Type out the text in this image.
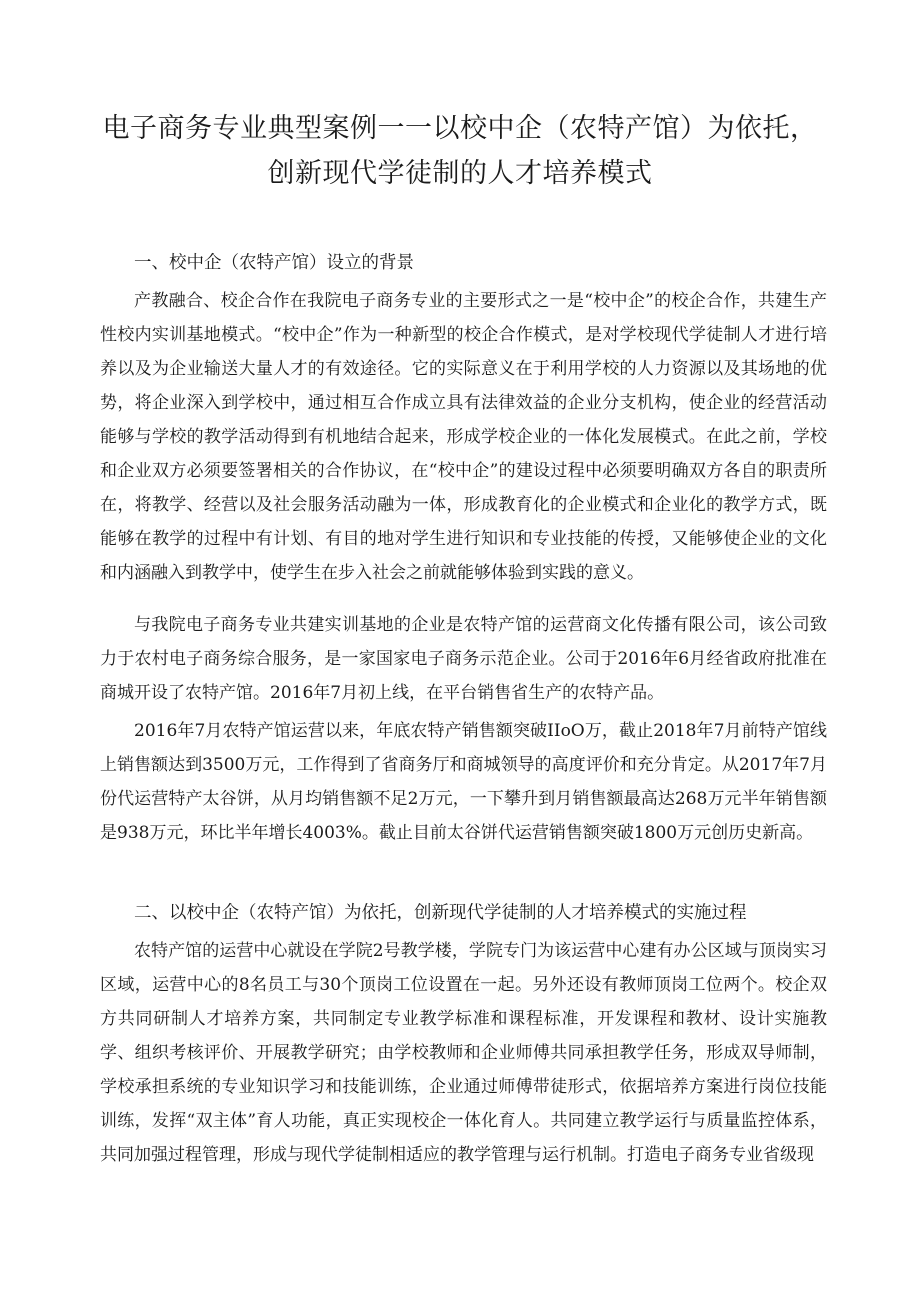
电子商务专业典型案例一一以校中企（农特产馆）为依托，
创新现代学徒制的人才培养模式

一、校中企（农特产馆）设立的背景

产教融合、校企合作在我院电子商务专业的主要形式之一是“校中企”的校企合作，共建生产性校内实训基地模式。“校中企”作为一种新型的校企合作模式，是对学校现代学徒制人才进行培养以及为企业输送大量人才的有效途径。它的实际意义在于利用学校的人力资源以及其场地的优势，将企业深入到学校中，通过相互合作成立具有法律效益的企业分支机构，使企业的经营活动能够与学校的教学活动得到有机地结合起来，形成学校企业的一体化发展模式。在此之前，学校和企业双方必须要签署相关的合作协议，在“校中企”的建设过程中必须要明确双方各自的职责所在，将教学、经营以及社会服务活动融为一体，形成教育化的企业模式和企业化的教学方式，既能够在教学的过程中有计划、有目的地对学生进行知识和专业技能的传授，又能够使企业的文化和内涵融入到教学中，使学生在步入社会之前就能够体验到实践的意义。

与我院电子商务专业共建实训基地的企业是农特产馆的运营商文化传播有限公司，该公司致力于农村电子商务综合服务，是一家国家电子商务示范企业。公司于2016年6月经省政府批准在商城开设了农特产馆。2016年7月初上线，在平台销售省生产的农特产品。

2016年7月农特产馆运营以来，年底农特产销售额突破IIoO万，截止2018年7月前特产馆线上销售额达到3500万元，工作得到了省商务厅和商城领导的高度评价和充分肯定。从2017年7月份代运营特产太谷饼，从月均销售额不足2万元，一下攀升到月销售额最高达268万元半年销售额是938万元，环比半年增长4003%。截止目前太谷饼代运营销售额突破1800万元创历史新高。

二、以校中企（农特产馆）为依托，创新现代学徒制的人才培养模式的实施过程

农特产馆的运营中心就设在学院2号教学楼，学院专门为该运营中心建有办公区域与顶岗实习区域，运营中心的8名员工与30个顶岗工位设置在一起。另外还设有教师顶岗工位两个。校企双方共同研制人才培养方案，共同制定专业教学标准和课程标准，开发课程和教材、设计实施教学、组织考核评价、开展教学研究；由学校教师和企业师傅共同承担教学任务，形成双导师制，学校承担系统的专业知识学习和技能训练，企业通过师傅带徒形式，依据培养方案进行岗位技能训练，发挥“双主体”育人功能，真正实现校企一体化育人。共同建立教学运行与质量监控体系，共同加强过程管理，形成与现代学徒制相适应的教学管理与运行机制。打造电子商务专业省级现
